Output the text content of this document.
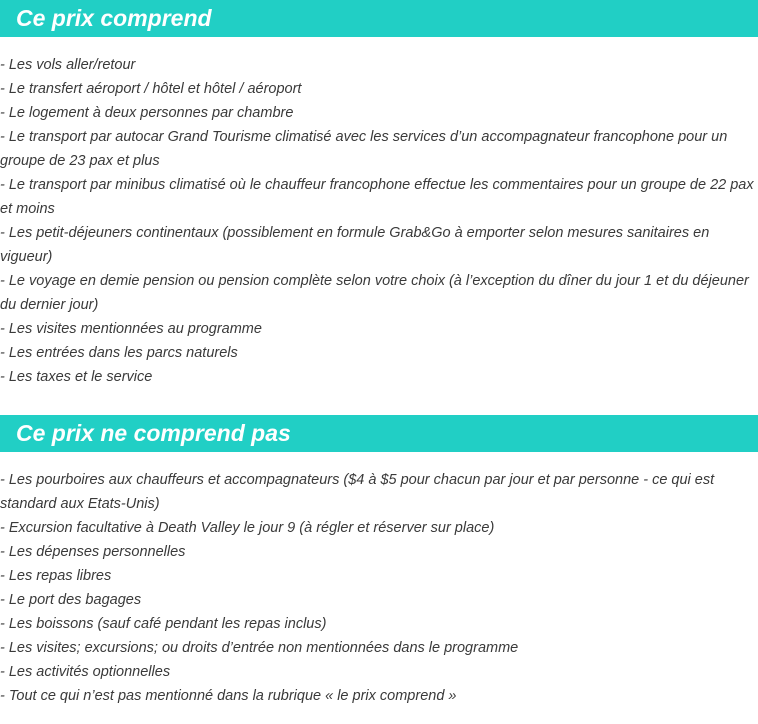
Ce prix comprend
- Les vols aller/retour
- Le transfert aéroport / hôtel et hôtel / aéroport
- Le logement à deux personnes par chambre
- Le transport par autocar Grand Tourisme climatisé avec les services d’un accompagnateur francophone pour un groupe de 23 pax et plus
- Le transport par minibus climatisé où le chauffeur francophone effectue les commentaires pour un groupe de 22 pax et moins
- Les petit-déjeuners continentaux (possiblement en formule Grab&Go à emporter selon mesures sanitaires en vigueur)
- Le voyage en demie pension ou pension complète selon votre choix (à l’exception du dîner du jour 1 et du déjeuner du dernier jour)
- Les visites mentionnées au programme
- Les entrées dans les parcs naturels
- Les taxes et le service
Ce prix ne comprend pas
- Les pourboires aux chauffeurs et accompagnateurs ($4 à $5 pour chacun par jour et par personne - ce qui est standard aux Etats-Unis)
- Excursion facultative à Death Valley le jour 9 (à régler et réserver sur place)
- Les dépenses personnelles
- Les repas libres
- Le port des bagages
- Les boissons (sauf café pendant les repas inclus)
- Les visites; excursions; ou droits d’entrée non mentionnées dans le programme
- Les activités optionnelles
- Tout ce qui n’est pas mentionné dans la rubrique « le prix comprend »
